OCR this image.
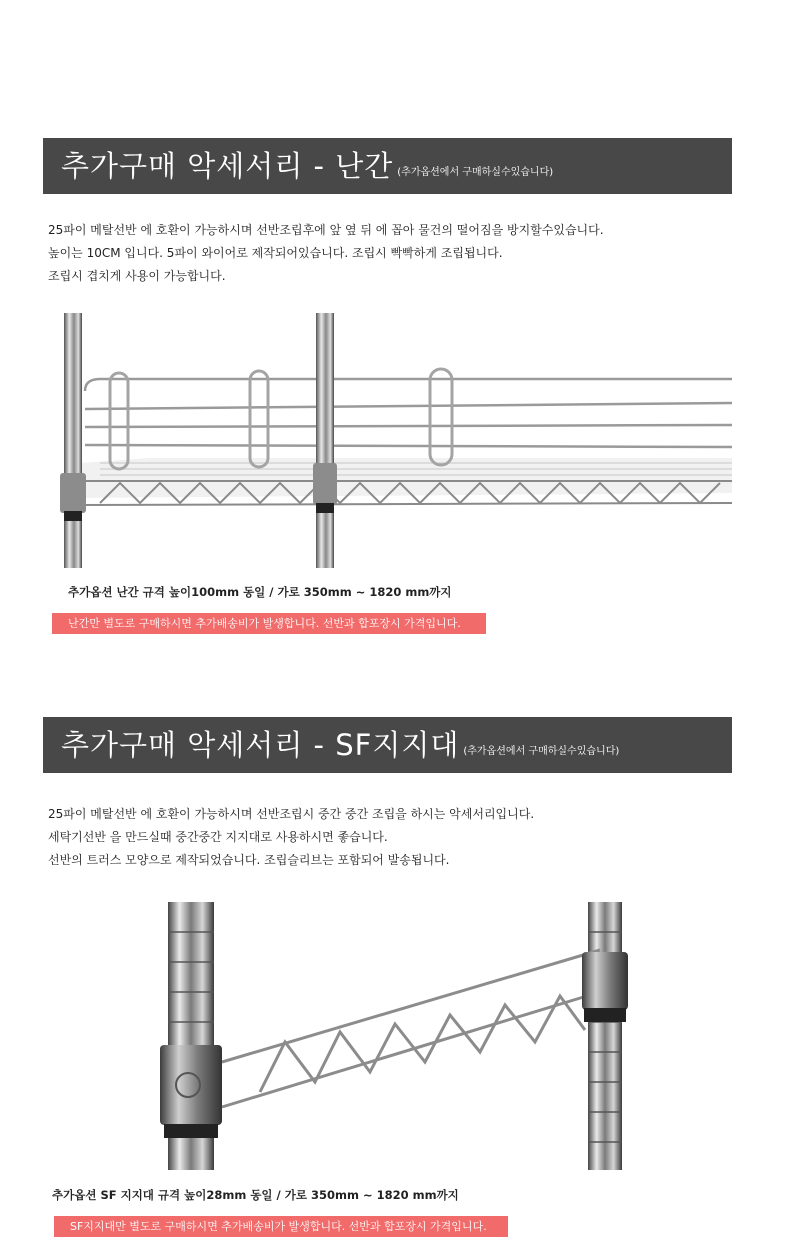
추가구매 악세서리 - 난간 (추가옵션에서 구매하실수있습니다)
25파이 메탈선반 에 호환이 가능하시며 선반조립후에 앞 옆 뒤 에 꼽아 물건의 떨어짐을 방지할수있습니다.
높이는 10CM 입니다. 5파이 와이어로 제작되어있습니다. 조립시 빡빡하게 조립됩니다.
조립시 겹치게 사용이 가능합니다.
추가옵션 난간 규격 높이100mm 동일 / 가로 350mm ~ 1820 mm까지
난간만 별도로 구매하시면 추가배송비가 발생합니다. 선반과 합포장시 가격입니다.
추가구매 악세서리 - SF지지대 (추가옵션에서 구매하실수있습니다)
25파이 메탈선반 에 호환이 가능하시며 선반조립시 중간 중간 조립을 하시는 악세서리입니다.
세탁기선반 을 만드실때 중간중간 지지대로 사용하시면 좋습니다.
선반의 트러스 모양으로 제작되었습니다. 조립슬리브는 포함되어 발송됩니다.
추가옵션 SF 지지대 규격 높이28mm 동일 / 가로 350mm ~ 1820 mm까지
SF지지대만 별도로 구매하시면 추가배송비가 발생합니다. 선반과 합포장시 가격입니다.
